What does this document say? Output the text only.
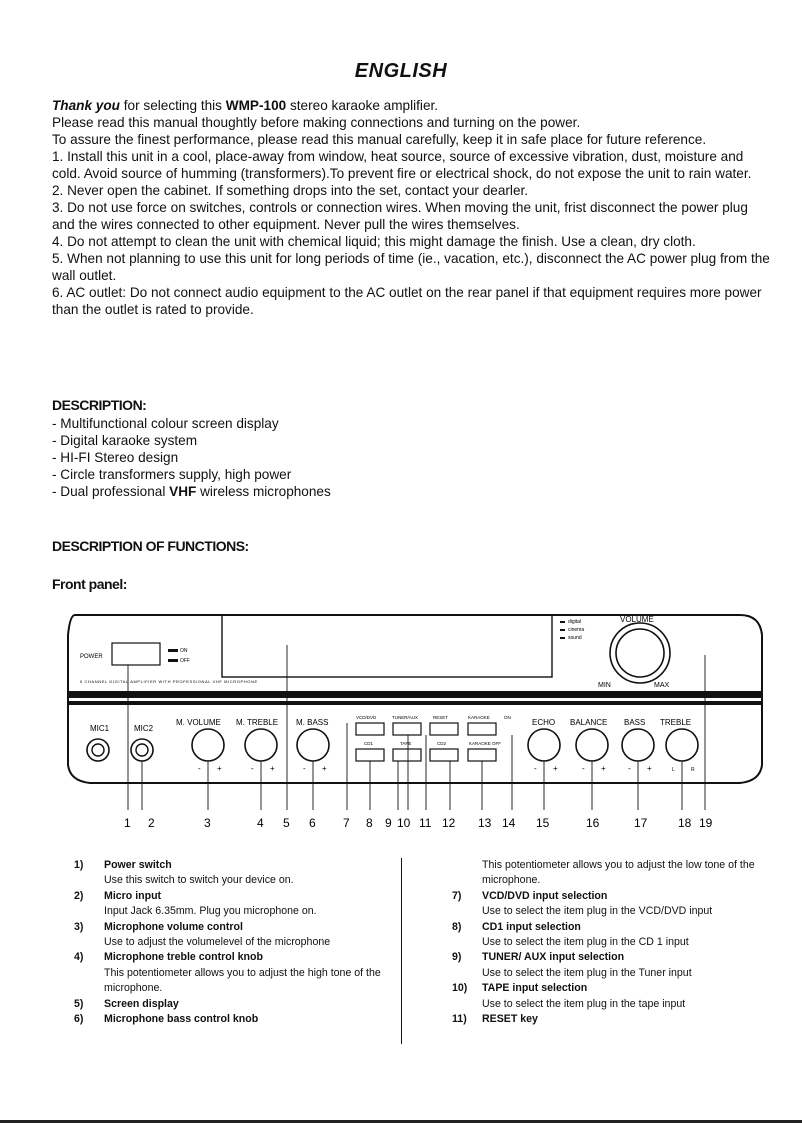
ENGLISH

Thank you for selecting this WMP-100 stereo karaoke amplifier.

Please read this manual thoughtly before making connections and turning on the power.

To assure the finest performance, please read this manual carefully, keep it in safe place for future reference.

1. Install this unit in a cool, place-away from window, heat source, source of excessive vibration, dust, moisture and cold. Avoid source of humming (transformers).To prevent fire or electrical shock, do not expose the unit to rain water.

2. Never open the cabinet. If something drops into the set, contact your dearler.

3. Do not use force on switches, controls or connection wires. When moving the unit, frist disconnect the power plug and the wires connected to other equipment. Never pull the wires themselves.

4. Do not attempt to clean the unit with chemical liquid; this might damage the finish. Use a clean, dry cloth.

5. When not planning to use this unit for long periods of time (ie., vacation, etc.), disconnect the AC power plug from the wall outlet.

6. AC outlet: Do not connect audio equipment to the AC outlet on the rear panel if that equipment requires more power than the outlet is rated to provide.

DESCRIPTION:
- Multifunctional colour screen display
- Digital karaoke system
- HI-FI Stereo design
- Circle transformers supply, high power
- Dual professional VHF wireless microphones
DESCRIPTION OF FUNCTIONS:
Front panel:
POWER
ON
OFF
digital
cinema
sound
VOLUME
MIN	MAX
5 CHANNEL DIGITAL AMPLIFIER WITH PROFESSIONAL VHF MICROPHONE
MIC1	MIC2
M. VOLUME
- +
M. TREBLE
- +
M. BASS
- +
VCD/DVD	TUNER/AUX	RESET	KARAOKE	ON
CD1	TAPE	CD2	KARAOKE OFF
ECHO
- +
BALANCE
- +
BASS
- +
TREBLE
L	R
1 2	3	4 5 6 7 8 9 10 11 12 13 14 15	16	17	18 19
1)	Power switch
Use this switch to switch your device on.
2)	Micro input
Input Jack 6.35mm. Plug you microphone on.
3)	Microphone volume control
Use to adjust the volumelevel of the microphone
4)	Microphone treble control knob
This potentiometer allows you to adjust the high tone of the microphone.
5)	Screen display
6)	Microphone bass control knob
This potentiometer allows you to adjust the low tone of the microphone.
7)	VCD/DVD input selection
Use to select the item plug in the VCD/DVD input
8)	CD1 input selection
Use to select the item plug in the CD 1 input
9)	TUNER/ AUX input selection
Use to select the item plug in the Tuner input
10)	TAPE input selection
Use to select the item plug in the tape input
11)	RESET key
